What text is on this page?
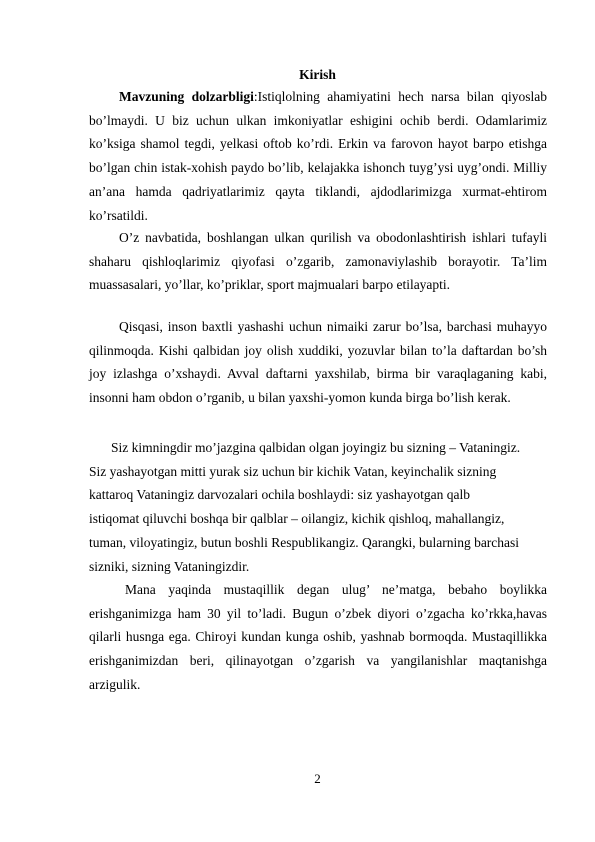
Kirish

Mavzuning dolzarbligi:Istiqlolning ahamiyatini hech narsa bilan qiyoslab bo’lmaydi. U biz uchun ulkan imkoniyatlar eshigini ochib berdi. Odamlarimiz ko’ksiga shamol tegdi, yelkasi oftob ko’rdi. Erkin va farovon hayot barpo etishga bo’lgan chin istak-xohish paydo bo’lib, kelajakka ishonch tuyg’ysi uyg’ondi. Milliy an’ana hamda qadriyatlarimiz qayta tiklandi, ajdodlarimizga xurmat-ehtirom ko’rsatildi.

O’z navbatida, boshlangan ulkan qurilish va obodonlashtirish ishlari tufayli shaharu qishloqlarimiz qiyofasi o’zgarib, zamonaviylashib borayotir. Ta’lim muassasalari, yo’llar, ko’priklar, sport majmualari barpo etilayapti.

Qisqasi, inson baxtli yashashi uchun nimaiki zarur bo’lsa, barchasi muhayyo qilinmoqda. Kishi qalbidan joy olish xuddiki, yozuvlar bilan to’la daftardan bo’sh joy izlashga o’xshaydi. Avval daftarni yaxshilab, birma bir varaqlaganing kabi, insonni ham obdon o’rganib, u bilan yaxshi-yomon kunda birga bo’lish kerak.

Siz kimningdir mo’jazgina qalbidan olgan joyingiz bu sizning – Vataningiz.
Siz yashayotgan mitti yurak siz uchun bir kichik Vatan, keyinchalik sizning
kattaroq Vataningiz darvozalari ochila boshlaydi: siz yashayotgan qalb
istiqomat qiluvchi boshqa bir qalblar – oilangiz, kichik qishloq, mahallangiz,
tuman, viloyatingiz, butun boshli Respublikangiz. Qarangki, bularning barchasi
sizniki, sizning Vataningizdir.

Mana yaqinda mustaqillik degan ulug’ ne’matga, bebaho boylikka erishganimizga ham 30 yil to’ladi. Bugun o’zbek diyori o’zgacha ko’rkka,havas qilarli husnga ega. Chiroyi kundan kunga oshib, yashnab bormoqda. Mustaqillikka erishganimizdan beri, qilinayotgan o’zgarish va yangilanishlar maqtanishga arzigulik.

2
